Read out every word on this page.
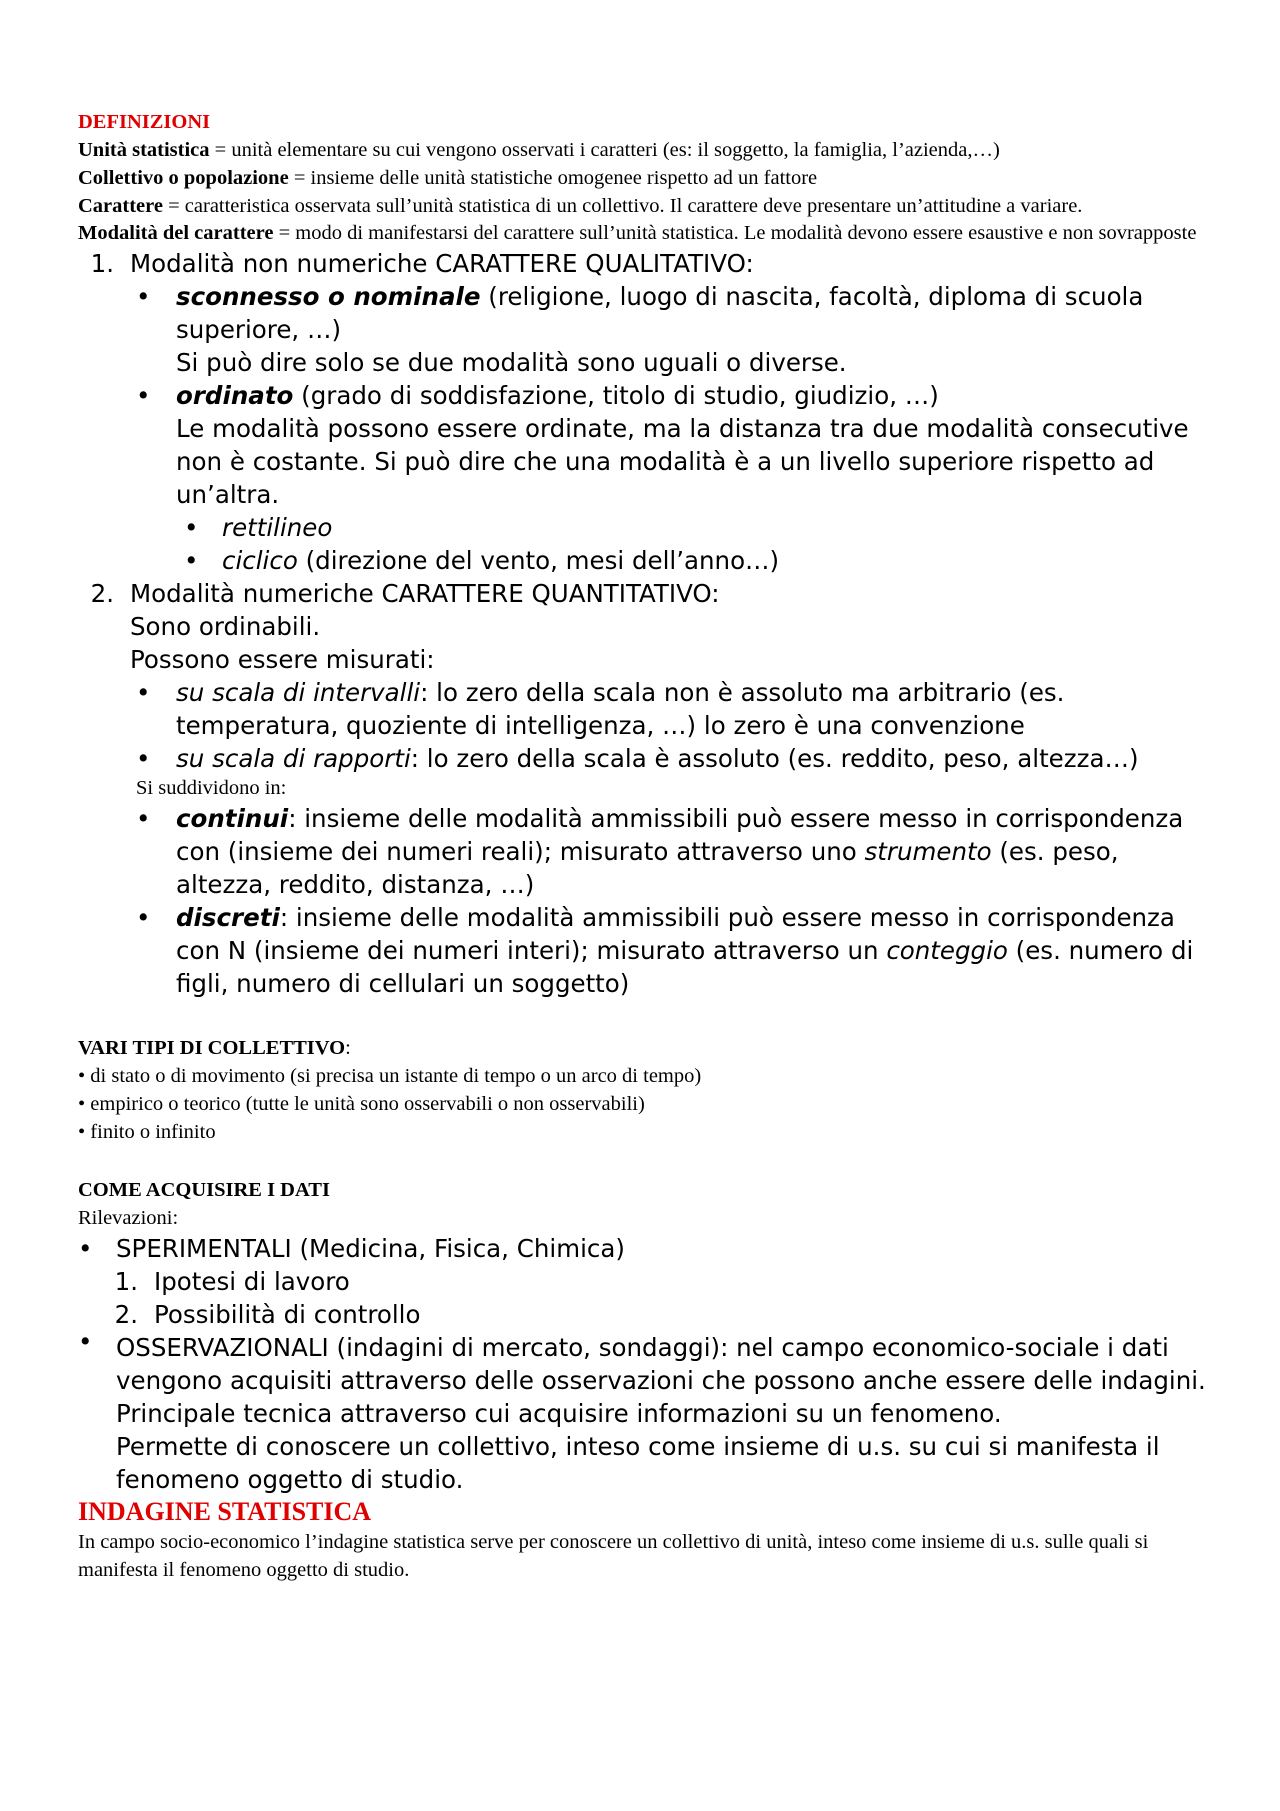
DEFINIZIONI

Unità statistica = unità elementare su cui vengono osservati i caratteri (es: il soggetto, la famiglia, l’azienda,…)

Collettivo o popolazione = insieme delle unità statistiche omogenee rispetto ad un fattore

Carattere = caratteristica osservata sull’unità statistica di un collettivo. Il carattere deve presentare un’attitudine a variare.

Modalità del carattere = modo di manifestarsi del carattere sull’unità statistica. Le modalità devono essere esaustive e non sovrapposte

1. Modalità non numeriche CARATTERE QUALITATIVO:
• sconnesso o nominale (religione, luogo di nascita, facoltà, diploma di scuola superiore, …)
Si può dire solo se due modalità sono uguali o diverse.
• ordinato (grado di soddisfazione, titolo di studio, giudizio, …)
Le modalità possono essere ordinate, ma la distanza tra due modalità consecutive non è costante. Si può dire che una modalità è a un livello superiore rispetto ad un’altra.
• rettilineo
• ciclico (direzione del vento, mesi dell’anno…)
2. Modalità numeriche CARATTERE QUANTITATIVO:
Sono ordinabili.
Possono essere misurati:
• su scala di intervalli: lo zero della scala non è assoluto ma arbitrario (es. temperatura, quoziente di intelligenza, …) lo zero è una convenzione
• su scala di rapporti: lo zero della scala è assoluto (es. reddito, peso, altezza…)
Si suddividono in:
• continui: insieme delle modalità ammissibili può essere messo in corrispondenza con (insieme dei numeri reali); misurato attraverso uno strumento (es. peso, altezza, reddito, distanza, …)
• discreti: insieme delle modalità ammissibili può essere messo in corrispondenza con N (insieme dei numeri interi); misurato attraverso un conteggio (es. numero di figli, numero di cellulari un soggetto)

VARI TIPI DI COLLETTIVO:

• di stato o di movimento (si precisa un istante di tempo o un arco di tempo)

• empirico o teorico (tutte le unità sono osservabili o non osservabili)

• finito o infinito

COME ACQUISIRE I DATI

Rilevazioni:

• SPERIMENTALI (Medicina, Fisica, Chimica)
1. Ipotesi di lavoro
2. Possibilità di controllo
• OSSERVAZIONALI (indagini di mercato, sondaggi): nel campo economico-sociale i dati vengono acquisiti attraverso delle osservazioni che possono anche essere delle indagini.
Principale tecnica attraverso cui acquisire informazioni su un fenomeno.
Permette di conoscere un collettivo, inteso come insieme di u.s. su cui si manifesta il fenomeno oggetto di studio.
INDAGINE STATISTICA

In campo socio-economico l’indagine statistica serve per conoscere un collettivo di unità, inteso come insieme di u.s. sulle quali si manifesta il fenomeno oggetto di studio.
